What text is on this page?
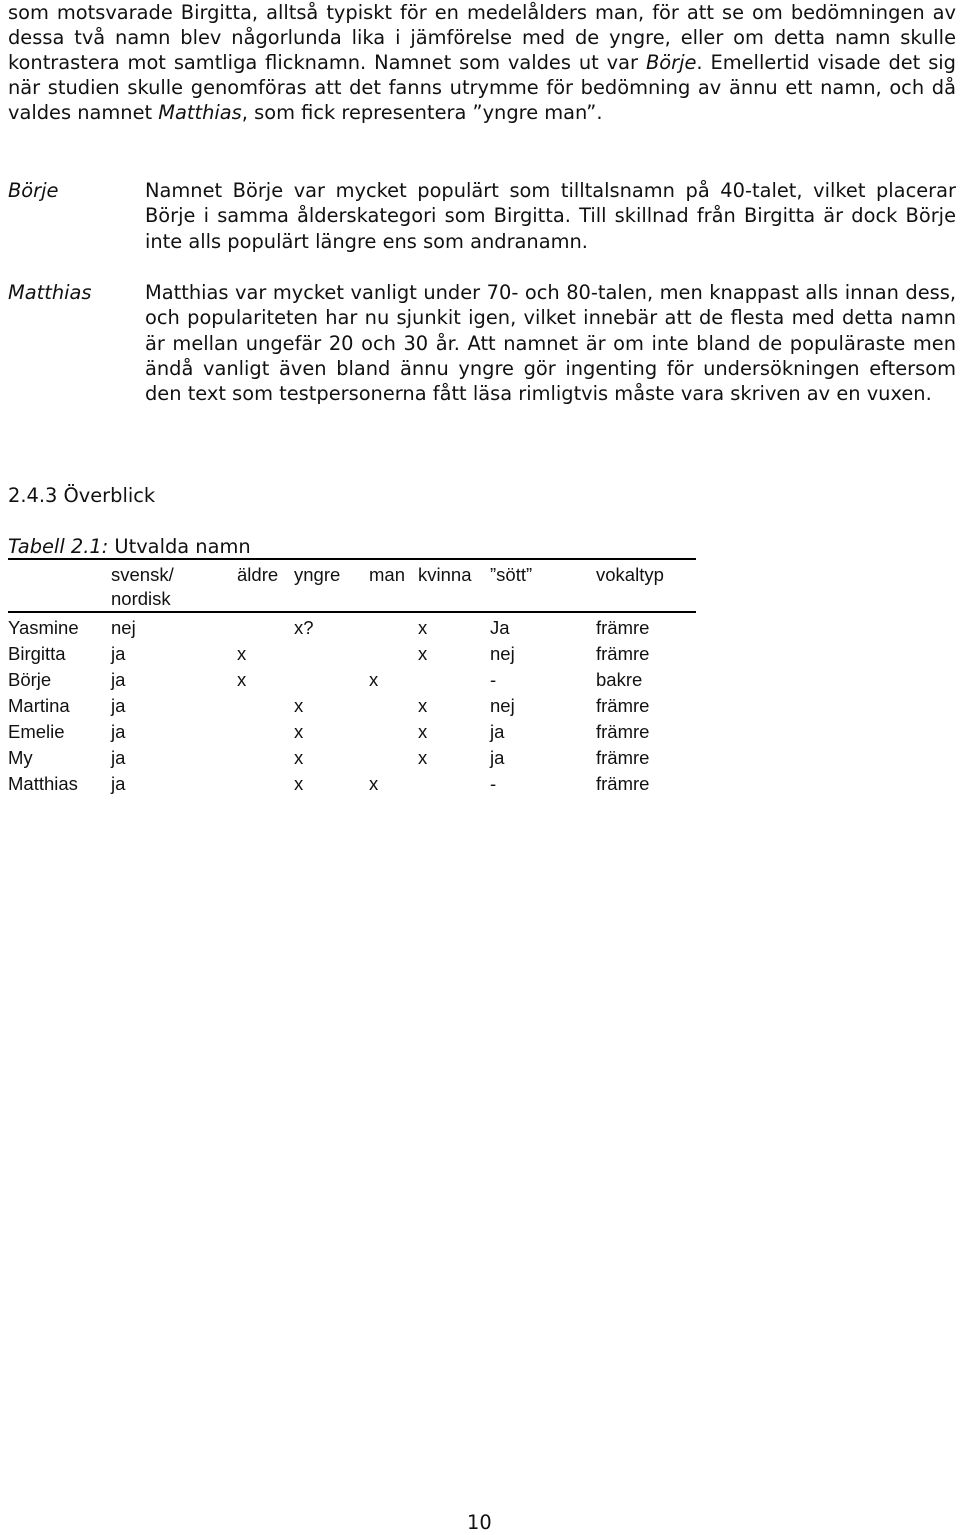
som motsvarade Birgitta, alltså typiskt för en medelålders man, för att se om bedömningen av dessa två namn blev någorlunda lika i jämförelse med de yngre, eller om detta namn skulle kontrastera mot samtliga flicknamn. Namnet som valdes ut var Börje. Emellertid visade det sig när studien skulle genomföras att det fanns utrymme för bedömning av ännu ett namn, och då valdes namnet Matthias, som fick representera ”yngre man”.

Börje	Namnet Börje var mycket populärt som tilltalsnamn på 40-talet, vilket placerar Börje i samma ålderskategori som Birgitta. Till skillnad från Birgitta är dock Börje inte alls populärt längre ens som andranamn.

Matthias	Matthias var mycket vanligt under 70- och 80-talen, men knappast alls innan dess, och populariteten har nu sjunkit igen, vilket innebär att de flesta med detta namn är mellan ungefär 20 och 30 år. Att namnet är om inte bland de populäraste men ändå vanligt även bland ännu yngre gör ingenting för undersökningen eftersom den text som testpersonerna fått läsa rimligtvis måste vara skriven av en vuxen.

2.4.3 Överblick
Tabell 2.1: Utvalda namn
	svensk/ nordisk	äldre	yngre	man	kvinna	”sött”	vokaltyp
Yasmine	nej		x?		x	Ja	främre
Birgitta	ja	x			x	nej	främre
Börje	ja	x		x		-	bakre
Martina	ja		x		x	nej	främre
Emelie	ja		x		x	ja	främre
My	ja		x		x	ja	främre
Matthias	ja		x	x		-	främre
10
